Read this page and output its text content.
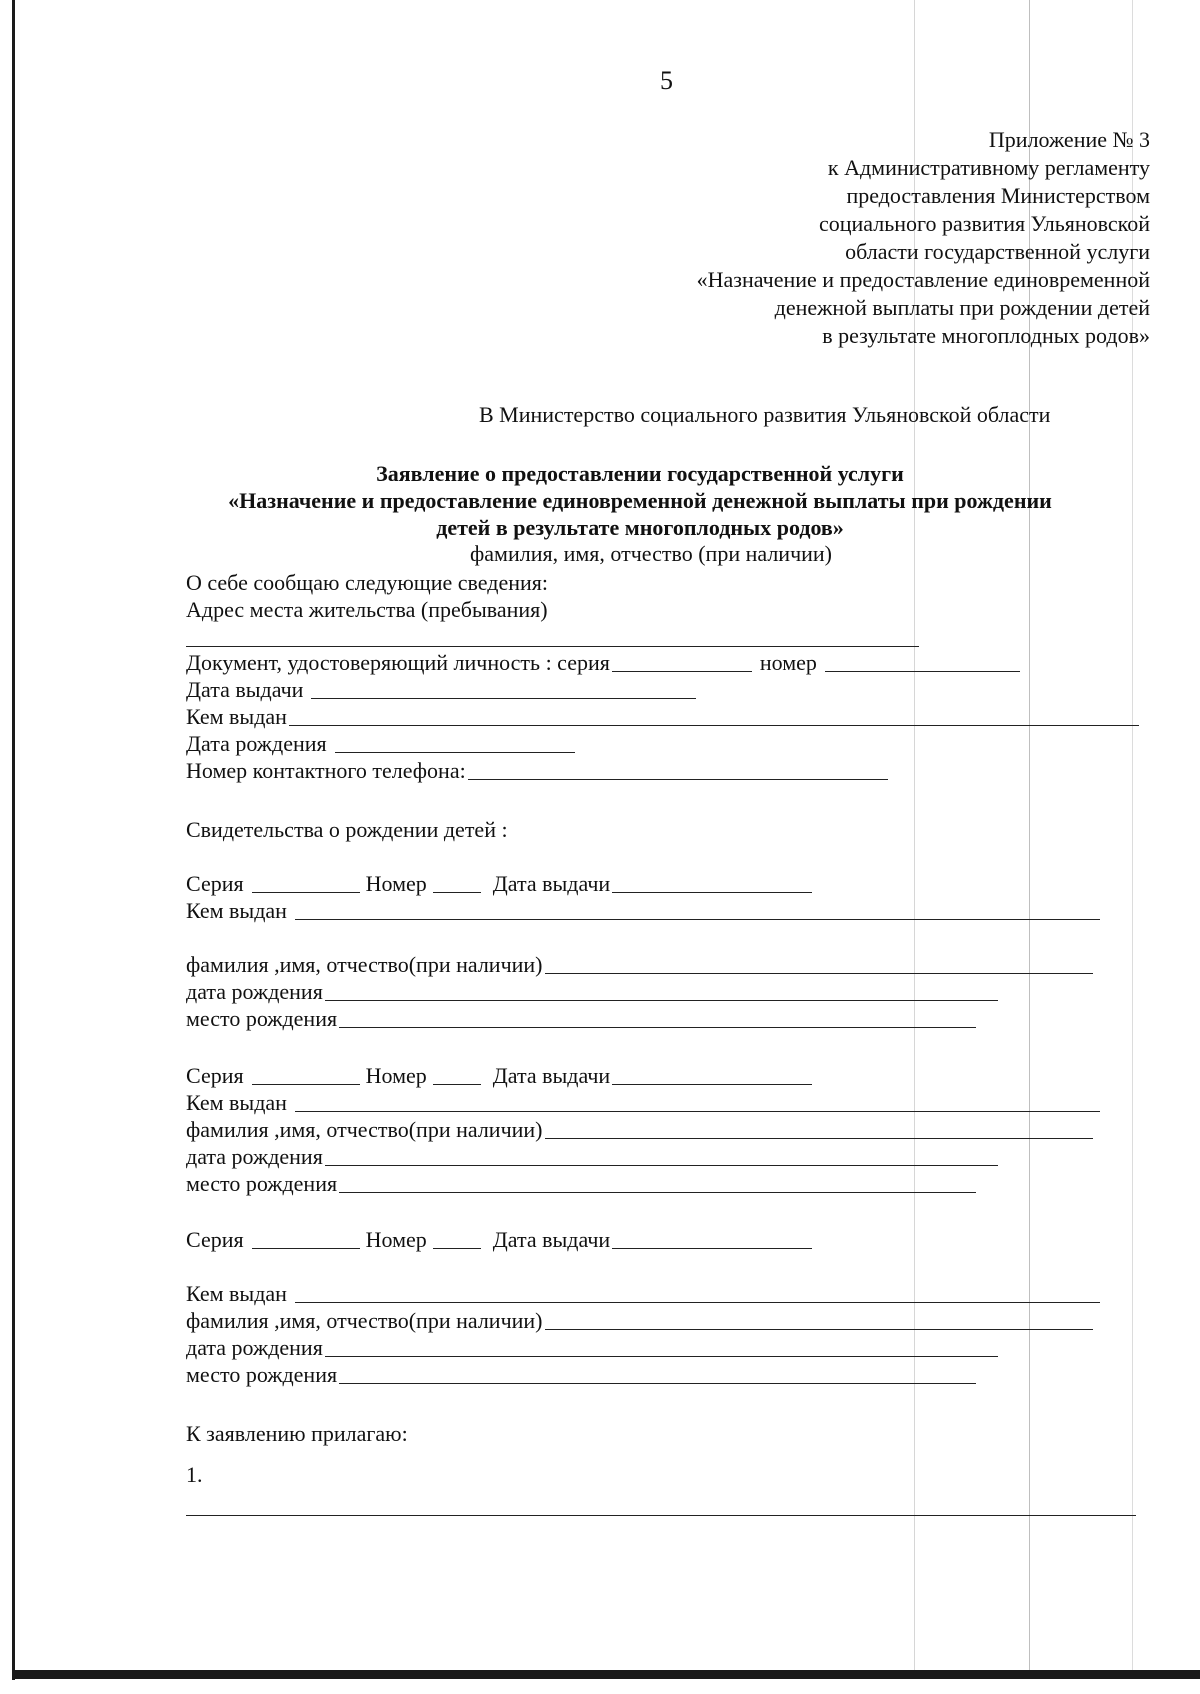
5
Приложение № 3
к Административному регламенту
предоставления Министерством
социального развития Ульяновской
области государственной услуги
«Назначение и предоставление единовременной
денежной выплаты при рождении детей
в результате многоплодных родов»
В Министерство социального развития Ульяновской области
Заявление о предоставлении государственной услуги
«Назначение и предоставление единовременной денежной выплаты при рождении
детей в результате многоплодных родов»
фамилия, имя, отчество (при наличии)
О себе сообщаю следующие сведения:
Адрес места жительства (пребывания)
Документ, удостоверяющий личность : серия	номер
Дата выдачи
Кем выдан
Дата рождения
Номер контактного телефона:
Свидетельства о рождении детей :
Серия	Номер	Дата выдачи
Кем выдан
фамилия ,имя, отчество(при наличии)
дата рождения
место рождения
Серия	Номер	Дата выдачи
Кем выдан
фамилия ,имя, отчество(при наличии)
дата рождения
место рождения
Серия	Номер	Дата выдачи
Кем выдан
фамилия ,имя, отчество(при наличии)
дата рождения
место рождения
К заявлению прилагаю:
1.
